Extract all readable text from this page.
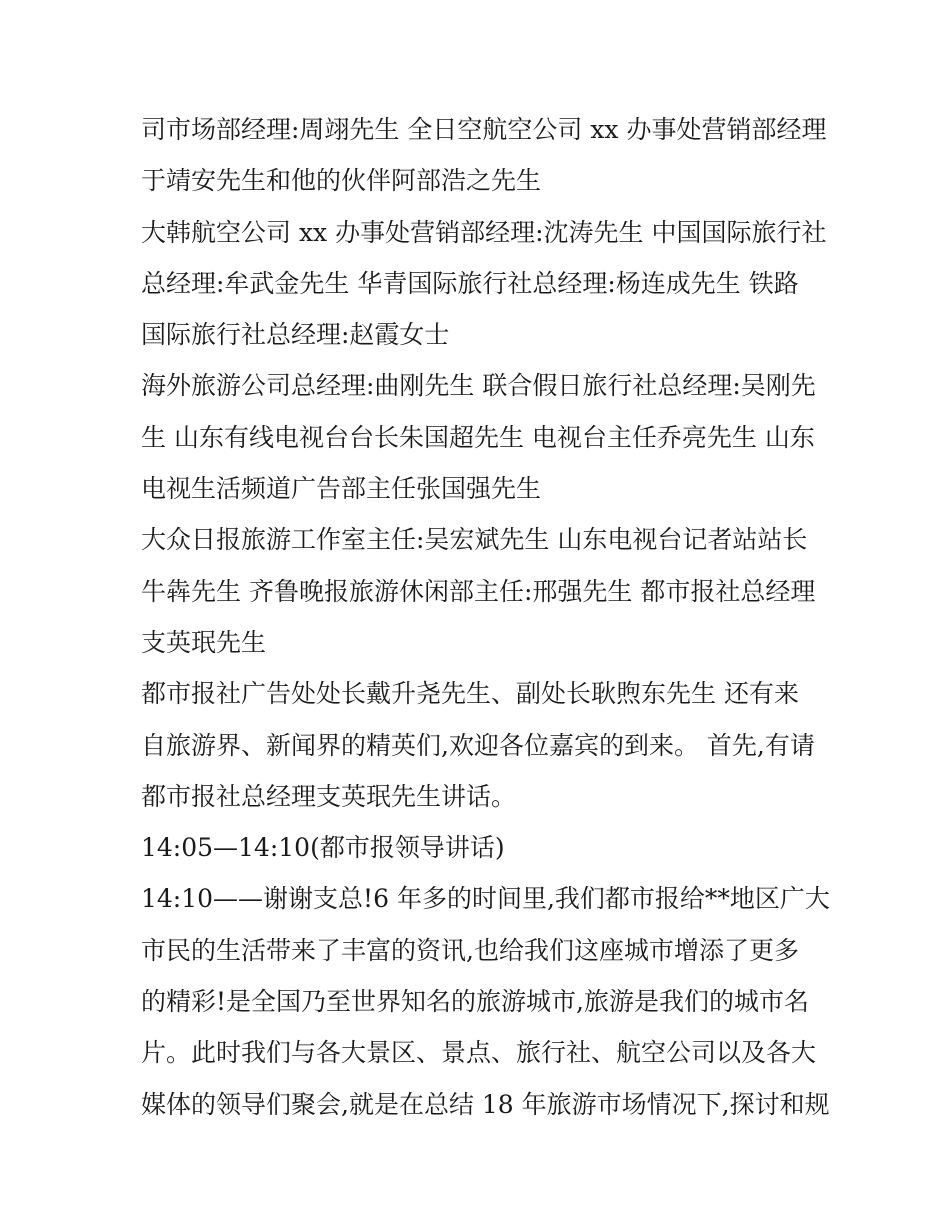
司市场部经理:周翊先生 全日空航空公司 xx 办事处营销部经理
于靖安先生和他的伙伴阿部浩之先生
大韩航空公司 xx 办事处营销部经理:沈涛先生 中国国际旅行社
总经理:牟武金先生 华青国际旅行社总经理:杨连成先生 铁路
国际旅行社总经理:赵霞女士
海外旅游公司总经理:曲刚先生 联合假日旅行社总经理:吴刚先
生 山东有线电视台台长朱国超先生 电视台主任乔亮先生 山东
电视生活频道广告部主任张国强先生
大众日报旅游工作室主任:吴宏斌先生 山东电视台记者站站长
牛犇先生 齐鲁晚报旅游休闲部主任:邢强先生 都市报社总经理
支英珉先生
都市报社广告处处长戴升尧先生、副处长耿煦东先生 还有来
自旅游界、新闻界的精英们,欢迎各位嘉宾的到来。 首先,有请
都市报社总经理支英珉先生讲话。
14:05—14:10(都市报领导讲话)
14:10——谢谢支总!6 年多的时间里,我们都市报给**地区广大
市民的生活带来了丰富的资讯,也给我们这座城市增添了更多
的精彩!是全国乃至世界知名的旅游城市,旅游是我们的城市名
片。此时我们与各大景区、景点、旅行社、航空公司以及各大
媒体的领导们聚会,就是在总结 18 年旅游市场情况下,探讨和规
